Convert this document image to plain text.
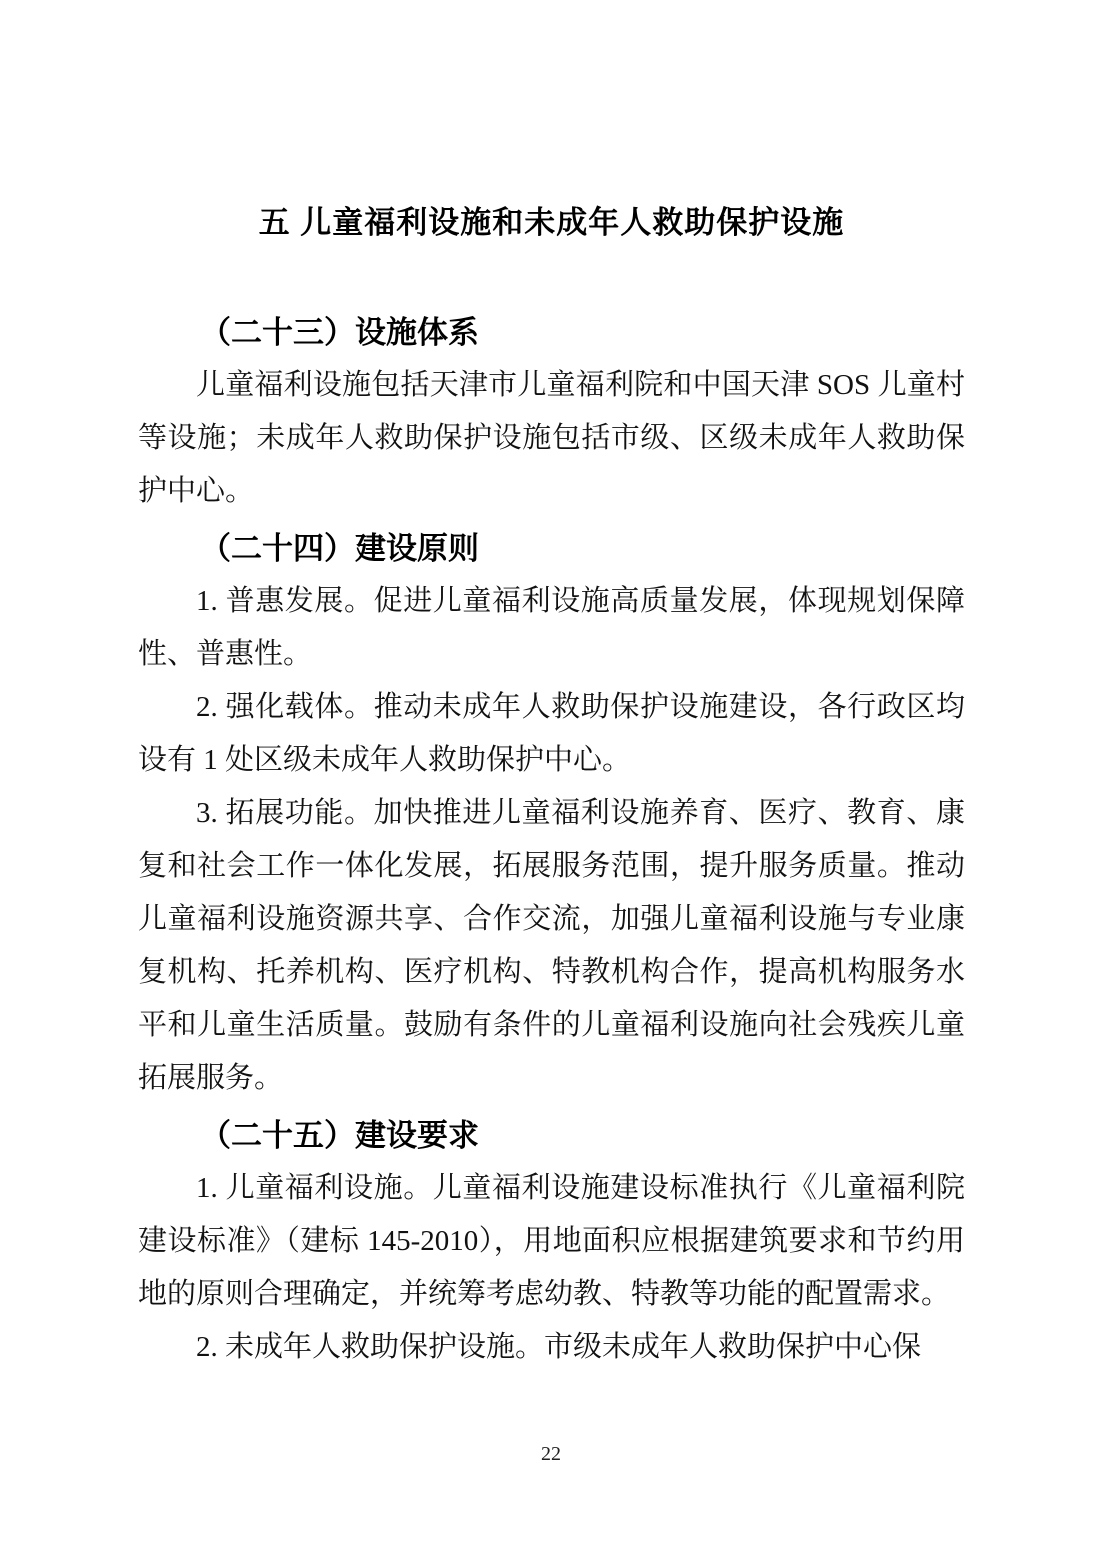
五 儿童福利设施和未成年人救助保护设施
（二十三）设施体系

儿童福利设施包括天津市儿童福利院和中国天津 SOS 儿童村等设施；未成年人救助保护设施包括市级、区级未成年人救助保护中心。

（二十四）建设原则

1. 普惠发展。促进儿童福利设施高质量发展，体现规划保障性、普惠性。

2. 强化载体。推动未成年人救助保护设施建设，各行政区均设有 1 处区级未成年人救助保护中心。

3. 拓展功能。加快推进儿童福利设施养育、医疗、教育、康复和社会工作一体化发展，拓展服务范围，提升服务质量。推动儿童福利设施资源共享、合作交流，加强儿童福利设施与专业康复机构、托养机构、医疗机构、特教机构合作，提高机构服务水平和儿童生活质量。鼓励有条件的儿童福利设施向社会残疾儿童拓展服务。

（二十五）建设要求

1. 儿童福利设施。儿童福利设施建设标准执行《儿童福利院建设标准》（建标 145-2010），用地面积应根据建筑要求和节约用地的原则合理确定，并统筹考虑幼教、特教等功能的配置需求。

2. 未成年人救助保护设施。市级未成年人救助保护中心保

22
